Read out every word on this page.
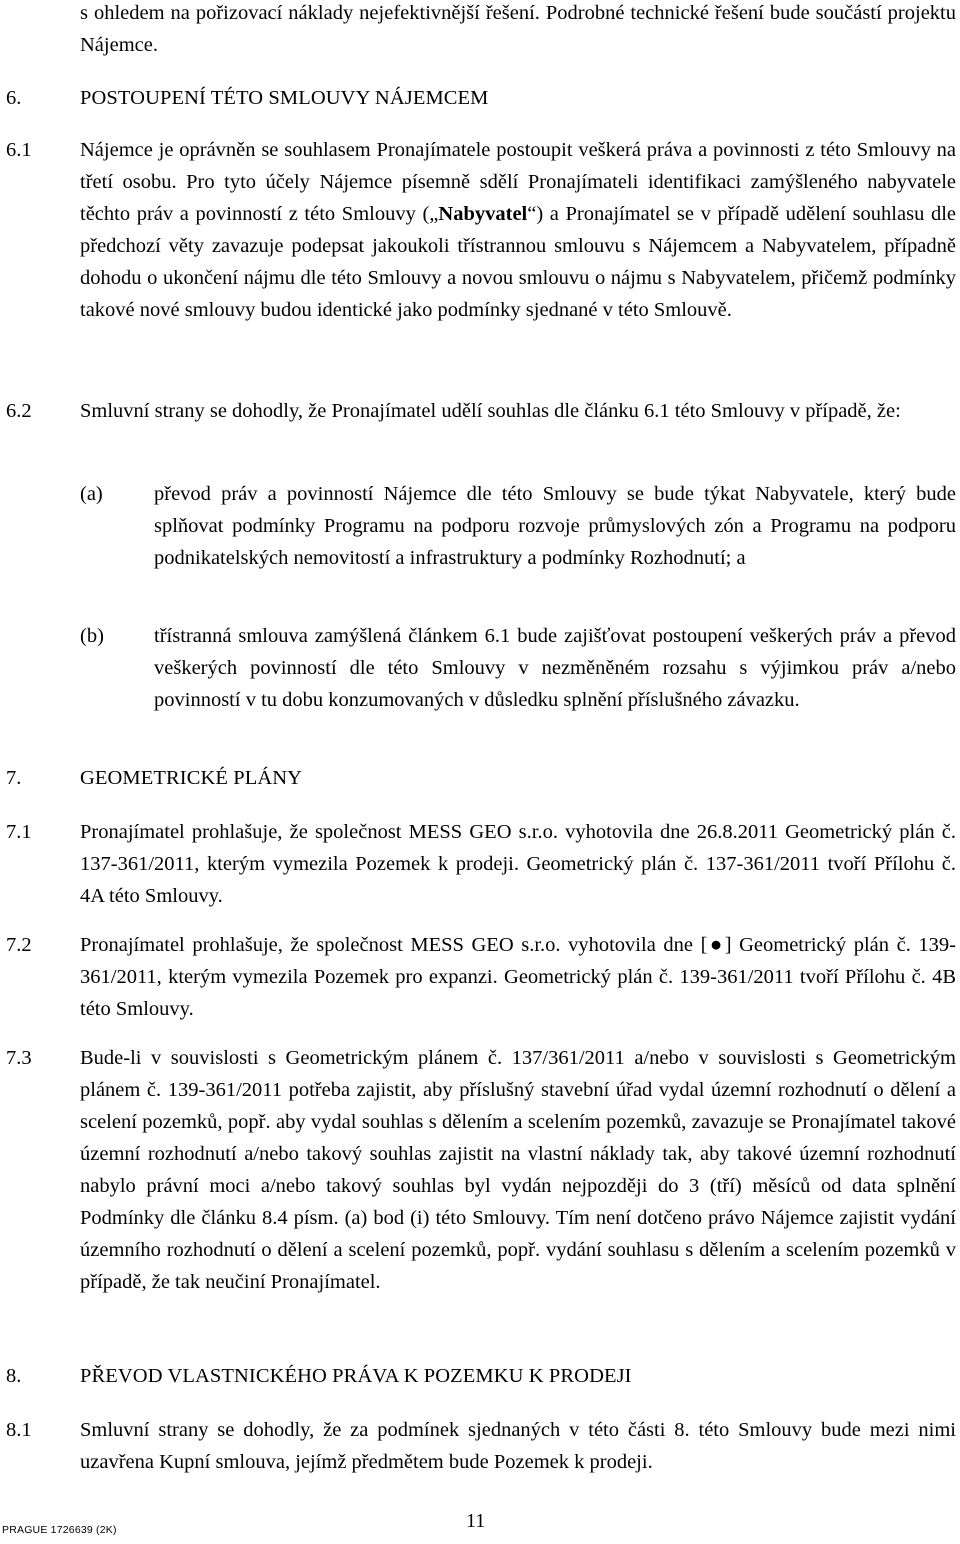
s ohledem na pořizovací náklady nejefektivnější řešení. Podrobné technické řešení bude součástí projektu Nájemce.

6.	POSTOUPENÍ TÉTO SMLOUVY NÁJEMCEM
6.1 Nájemce je oprávněn se souhlasem Pronajímatele postoupit veškerá práva a povinnosti z této Smlouvy na třetí osobu. Pro tyto účely Nájemce písemně sdělí Pronajímateli identifikaci zamýšleného nabyvatele těchto práv a povinností z této Smlouvy („Nabyvatel“) a Pronajímatel se v případě udělení souhlasu dle předchozí věty zavazuje podepsat jakoukoli třístrannou smlouvu s Nájemcem a Nabyvatelem, případně dohodu o ukončení nájmu dle této Smlouvy a novou smlouvu o nájmu s Nabyvatelem, přičemž podmínky takové nové smlouvy budou identické jako podmínky sjednané v této Smlouvě.

6.2 Smluvní strany se dohodly, že Pronajímatel udělí souhlas dle článku 6.1 této Smlouvy v případě, že:

(a) převod práv a povinností Nájemce dle této Smlouvy se bude týkat Nabyvatele, který bude splňovat podmínky Programu na podporu rozvoje průmyslových zón a Programu na podporu podnikatelských nemovitostí a infrastruktury a podmínky Rozhodnutí; a

(b) třístranná smlouva zamýšlená článkem 6.1 bude zajišťovat postoupení veškerých práv a převod veškerých povinností dle této Smlouvy v nezměněném rozsahu s výjimkou práv a/nebo povinností v tu dobu konzumovaných v důsledku splnění příslušného závazku.

7.	GEOMETRICKÉ PLÁNY
7.1 Pronajímatel prohlašuje, že společnost MESS GEO s.r.o. vyhotovila dne 26.8.2011 Geometrický plán č. 137-361/2011, kterým vymezila Pozemek k prodeji. Geometrický plán č. 137-361/2011 tvoří Přílohu č. 4A této Smlouvy.

7.2 Pronajímatel prohlašuje, že společnost MESS GEO s.r.o. vyhotovila dne [●] Geometrický plán č. 139-361/2011, kterým vymezila Pozemek pro expanzi. Geometrický plán č. 139-361/2011 tvoří Přílohu č. 4B této Smlouvy.

7.3 Bude-li v souvislosti s Geometrickým plánem č. 137/361/2011 a/nebo v souvislosti s Geometrickým plánem č. 139-361/2011 potřeba zajistit, aby příslušný stavební úřad vydal územní rozhodnutí o dělení a scelení pozemků, popř. aby vydal souhlas s dělením a scelením pozemků, zavazuje se Pronajímatel takové územní rozhodnutí a/nebo takový souhlas zajistit na vlastní náklady tak, aby takové územní rozhodnutí nabylo právní moci a/nebo takový souhlas byl vydán nejpozději do 3 (tří) měsíců od data splnění Podmínky dle článku 8.4 písm. (a) bod (i) této Smlouvy. Tím není dotčeno právo Nájemce zajistit vydání územního rozhodnutí o dělení a scelení pozemků, popř. vydání souhlasu s dělením a scelením pozemků v případě, že tak neučiní Pronajímatel.

8.	PŘEVOD VLASTNICKÉHO PRÁVA K POZEMKU K PRODEJI
8.1 Smluvní strany se dohodly, že za podmínek sjednaných v této části 8. této Smlouvy bude mezi nimi uzavřena Kupní smlouva, jejímž předmětem bude Pozemek k prodeji.

PRAGUE 1726639 (2K)	11
